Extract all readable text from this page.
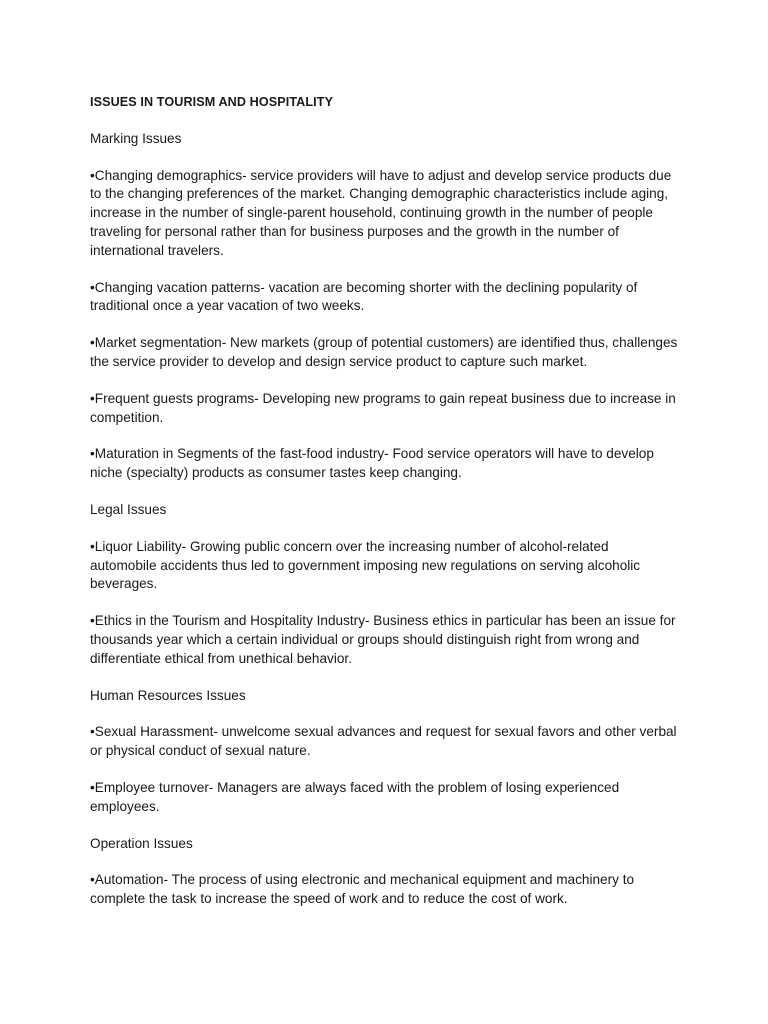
ISSUES IN TOURISM AND HOSPITALITY
Marking Issues

•Changing demographics- service providers will have to adjust and develop service products due to the changing preferences of the market. Changing demographic characteristics include aging, increase in the number of single-parent household, continuing growth in the number of people traveling for personal rather than for business purposes and the growth in the number of international travelers.

•Changing vacation patterns- vacation are becoming shorter with the declining popularity of traditional once a year vacation of two weeks.

•Market segmentation- New markets (group of potential customers) are identified thus, challenges the service provider to develop and design service product to capture such market.

•Frequent guests programs- Developing new programs to gain repeat business due to increase in competition.

•Maturation in Segments of the fast-food industry- Food service operators will have to develop niche (specialty) products as consumer tastes keep changing.

Legal Issues

•Liquor Liability- Growing public concern over the increasing number of alcohol-related automobile accidents thus led to government imposing new regulations on serving alcoholic beverages.

•Ethics in the Tourism and Hospitality Industry- Business ethics in particular has been an issue for thousands year which a certain individual or groups should distinguish right from wrong and differentiate ethical from unethical behavior.

Human Resources Issues

•Sexual Harassment- unwelcome sexual advances and request for sexual favors and other verbal or physical conduct of sexual nature.

•Employee turnover- Managers are always faced with the problem of losing experienced employees.

Operation Issues

•Automation- The process of using electronic and mechanical equipment and machinery to complete the task to increase the speed of work and to reduce the cost of work.
